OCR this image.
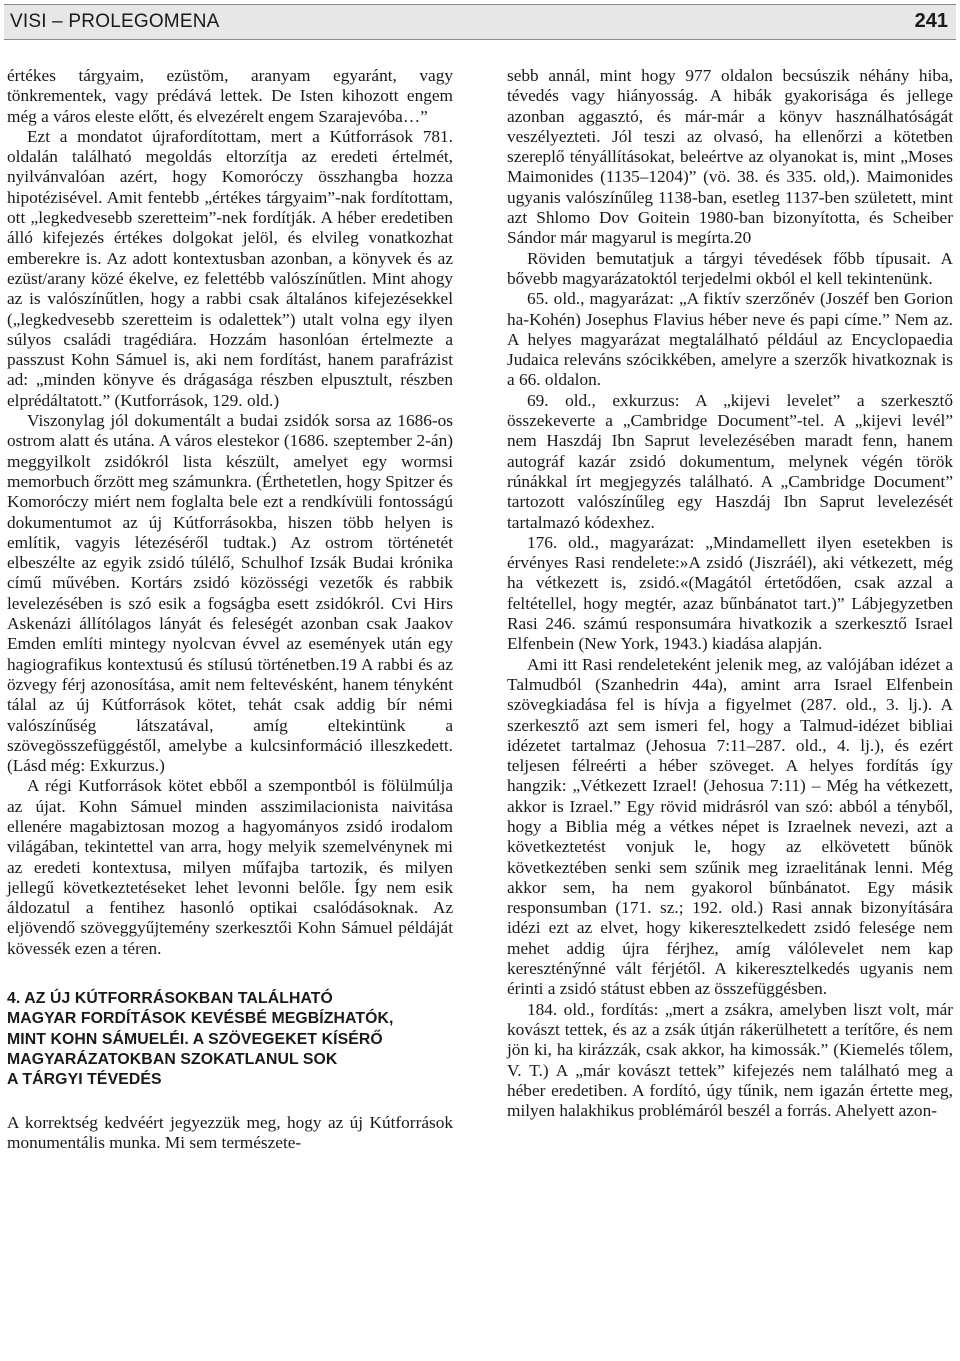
VISI – PROLEGOMENA	241

értékes tárgyaim, ezüstöm, aranyam egyaránt, vagy tönkrementek, vagy prédává lettek. De Isten kihozott engem még a város eleste előtt, és elvezérelt engem Szarajevóba…”

Ezt a mondatot újrafordítottam, mert a Kútforrások 781. oldalán található megoldás eltorzítja az eredeti értelmét, nyilvánvalóan azért, hogy Komoróczy összhangba hozza hipotézisével. Amit fentebb „értékes tárgyaim”-nak fordítottam, ott „legkedvesebb szeretteim”-nek fordítják. A héber eredetiben álló kifejezés értékes dolgokat jelöl, és elvileg vonatkozhat emberekre is. Az adott kontextusban azonban, a könyvek és az ezüst/arany közé ékelve, ez felettébb valószínűtlen. Mint ahogy az is valószínűtlen, hogy a rabbi csak általános kifejezésekkel („legkedvesebb szeretteim is odalettek”) utalt volna egy ilyen súlyos családi tragédiára. Hozzám hasonlóan értelmezte a passzust Kohn Sámuel is, aki nem fordítást, hanem parafrázist ad: „minden könyve és drágasága részben elpusztult, részben elprédáltatott.” (Kutforrások, 129. old.)

Viszonylag jól dokumentált a budai zsidók sorsa az 1686-os ostrom alatt és utána. A város elestekor (1686. szeptember 2-án) meggyilkolt zsidókról lista készült, amelyet egy wormsi memorbuch őrzött meg számunkra. (Érthetetlen, hogy Spitzer és Komoróczy miért nem foglalta bele ezt a rendkívüli fontosságú dokumentumot az új Kútforrásokba, hiszen több helyen is említik, vagyis létezéséről tudtak.) Az ostrom történetét elbeszélte az egyik zsidó túlélő, Schulhof Izsák Budai krónika című művében. Kortárs zsidó közösségi vezetők és rabbik levelezésében is szó esik a fogságba esett zsidókról. Cvi Hirs Askenázi állítólagos lányát és feleségét azonban csak Jaakov Emden említi mintegy nyolcvan évvel az események után egy hagiografikus kontextusú és stílusú történetben.19 A rabbi és az özvegy férj azonosítása, amit nem feltevésként, hanem tényként tálal az új Kútforrások kötet, tehát csak addig bír némi valószínűség látszatával, amíg eltekintünk a szövegösszefüggéstől, amelybe a kulcsinformáció illeszkedett. (Lásd még: Exkurzus.)

A régi Kutforrások kötet ebből a szempontból is fölülmúlja az újat. Kohn Sámuel minden asszimilacionista naivitása ellenére magabiztosan mozog a hagyományos zsidó irodalom világában, tekintettel van arra, hogy melyik szemelvénynek mi az eredeti kontextusa, milyen műfajba tartozik, és milyen jellegű következtetéseket lehet levonni belőle. Így nem esik áldozatul a fentihez hasonló optikai csalódásoknak. Az eljövendő szöveggyűjtemény szerkesztői Kohn Sámuel példáját kövessék ezen a téren.

4. AZ ÚJ KÚTFORRÁSOKBAN TALÁLHATÓ
MAGYAR FORDÍTÁSOK KEVÉSBÉ MEGBÍZHATÓK,
MINT KOHN SÁMUELÉI. A SZÖVEGEKET KÍSÉRŐ
MAGYARÁZATOKBAN SZOKATLANUL SOK
A TÁRGYI TÉVEDÉS

A korrektség kedvéért jegyezzük meg, hogy az új Kútforrások monumentális munka. Mi sem természete-

sebb annál, mint hogy 977 oldalon becsúszik néhány hiba, tévedés vagy hiányosság. A hibák gyakorisága és jellege azonban aggasztó, és már-már a könyv használhatóságát veszélyezteti. Jól teszi az olvasó, ha ellenőrzi a kötetben szereplő tényállításokat, beleértve az olyanokat is, mint „Moses Maimonides (1135–1204)” (vö. 38. és 335. old,). Maimonides ugyanis valószínűleg 1138-ban, esetleg 1137-ben született, mint azt Shlomo Dov Goitein 1980-ban bizonyította, és Scheiber Sándor már magyarul is megírta.20

Röviden bemutatjuk a tárgyi tévedések főbb típusait. A bővebb magyarázatoktól terjedelmi okból el kell tekintenünk.

65. old., magyarázat: „A fiktív szerzőnév (Joszéf ben Gorion ha-Kohén) Josephus Flavius héber neve és papi címe.” Nem az. A helyes magyarázat megtalálható például az Encyclopaedia Judaica releváns szócikkében, amelyre a szerzők hivatkoznak is a 66. oldalon.

69. old., exkurzus: A „kijevi levelet” a szerkesztő összekeverte a „Cambridge Document”-tel. A „kijevi levél” nem Haszdáj Ibn Saprut levelezésében maradt fenn, hanem autográf kazár zsidó dokumentum, melynek végén török rúnákkal írt megjegyzés található. A „Cambridge Document” tartozott valószínűleg egy Haszdáj Ibn Saprut levelezését tartalmazó kódexhez.

176. old., magyarázat: „Mindamellett ilyen esetekben is érvényes Rasi rendelete:»A zsidó (Jiszráél), aki vétkezett, még ha vétkezett is, zsidó.«(Magától értetődően, csak azzal a feltétellel, hogy megtér, azaz bűnbánatot tart.)” Lábjegyzetben Rasi 246. számú responsumára hivatkozik a szerkesztő Israel Elfenbein (New York, 1943.) kiadása alapján.

Ami itt Rasi rendeleteként jelenik meg, az valójában idézet a Talmudból (Szanhedrin 44a), amint arra Israel Elfenbein szövegkiadása fel is hívja a figyelmet (287. old., 3. lj.). A szerkesztő azt sem ismeri fel, hogy a Talmud-idézet bibliai idézetet tartalmaz (Jehosua 7:11–287. old., 4. lj.), és ezért teljesen félreérti a héber szöveget. A helyes fordítás így hangzik: „Vétkezett Izrael! (Jehosua 7:11) – Még ha vétkezett, akkor is Izrael.” Egy rövid midrásról van szó: abból a tényből, hogy a Biblia még a vétkes népet is Izraelnek nevezi, azt a következtetést vonjuk le, hogy az elkövetett bűnök következtében senki sem szűnik meg izraelitának lenni. Még akkor sem, ha nem gyakorol bűnbánatot. Egy másik responsumban (171. sz.; 192. old.) Rasi annak bizonyítására idézi ezt az elvet, hogy kikeresztelkedett zsidó felesége nem mehet addig újra férjhez, amíg válólevelet nem kap keresztény̋nné vált férjétől. A kikeresztelkedés ugyanis nem érinti a zsidó státust ebben az összefüggésben.

184. old., fordítás: „mert a zsákra, amelyben liszt volt, már kovászt tettek, és az a zsák útján rákerülhetett a terítőre, és nem jön ki, ha kirázzák, csak akkor, ha kimossák.” (Kiemelés tőlem, V. T.) A „már kovászt tettek” kifejezés nem található meg a héber eredetiben. A fordító, úgy tűnik, nem igazán értette meg, milyen halakhikus problémáról beszél a forrás. Ahelyett azon-
